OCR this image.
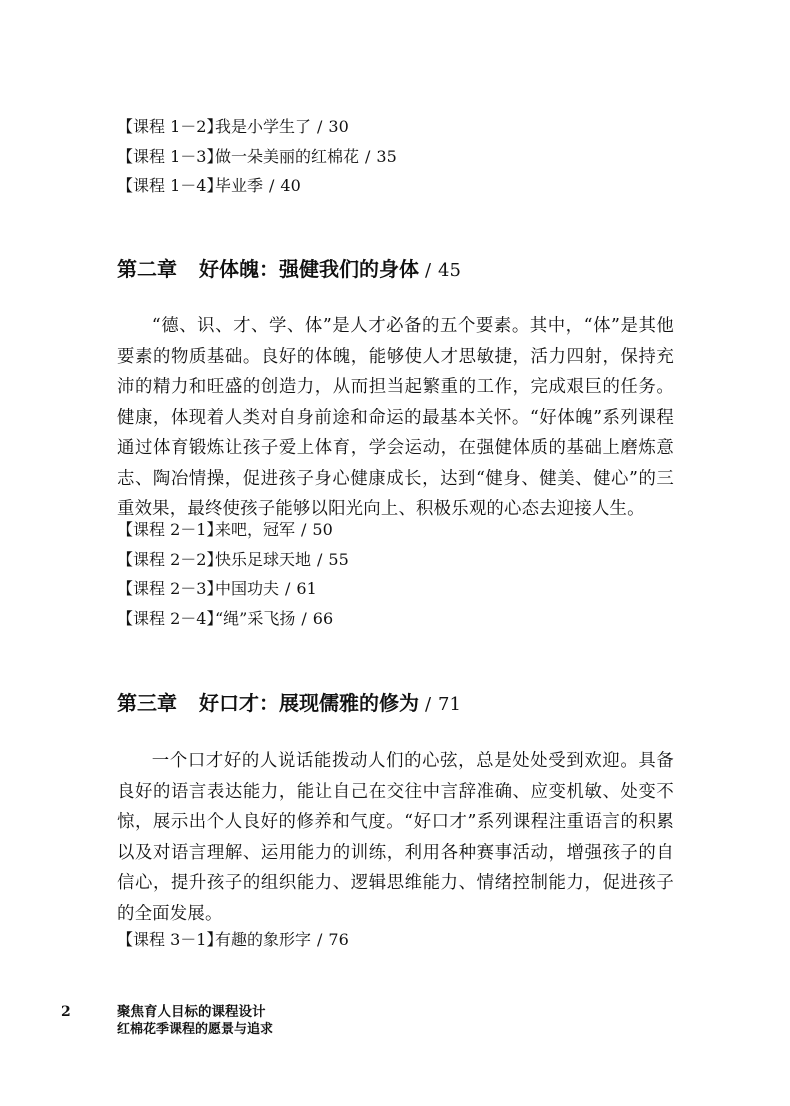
【课程 1－2】
我是小学生了 / 30
【课程 1－3】
做一朵美丽的红棉花 / 35
【课程 1－4】
毕业季 / 40
第二章 好体魄：强健我们的身体 / 45

“德、识、才、学、体”是人才必备的五个要素。其中，“体”是其他要素的物质基础。良好的体魄，能够使人才思敏捷，活力四射，保持充沛的精力和旺盛的创造力，从而担当起繁重的工作，完成艰巨的任务。健康，体现着人类对自身前途和命运的最基本关怀。“好体魄”系列课程通过体育锻炼让孩子爱上体育，学会运动，在强健体质的基础上磨炼意志、陶冶情操，促进孩子身心健康成长，达到“健身、健美、健心”的三重效果，最终使孩子能够以阳光向上、积极乐观的心态去迎接人生。

【课程 2－1】
来吧，冠军 / 50
【课程 2－2】
快乐足球天地 / 55
【课程 2－3】
中国功夫 / 61
【课程 2－4】
“绳”采飞扬 / 66
第三章 好口才：展现儒雅的修为 / 71

一个口才好的人说话能拨动人们的心弦，总是处处受到欢迎。具备良好的语言表达能力，能让自己在交往中言辞准确、应变机敏、处变不惊，展示出个人良好的修养和气度。“好口才”系列课程注重语言的积累以及对语言理解、运用能力的训练，利用各种赛事活动，增强孩子的自信心，提升孩子的组织能力、逻辑思维能力、情绪控制能力，促进孩子的全面发展。

【课程 3－1】
有趣的象形字 / 76
2	聚焦育人目标的课程设计
红棉花季课程的愿景与追求
